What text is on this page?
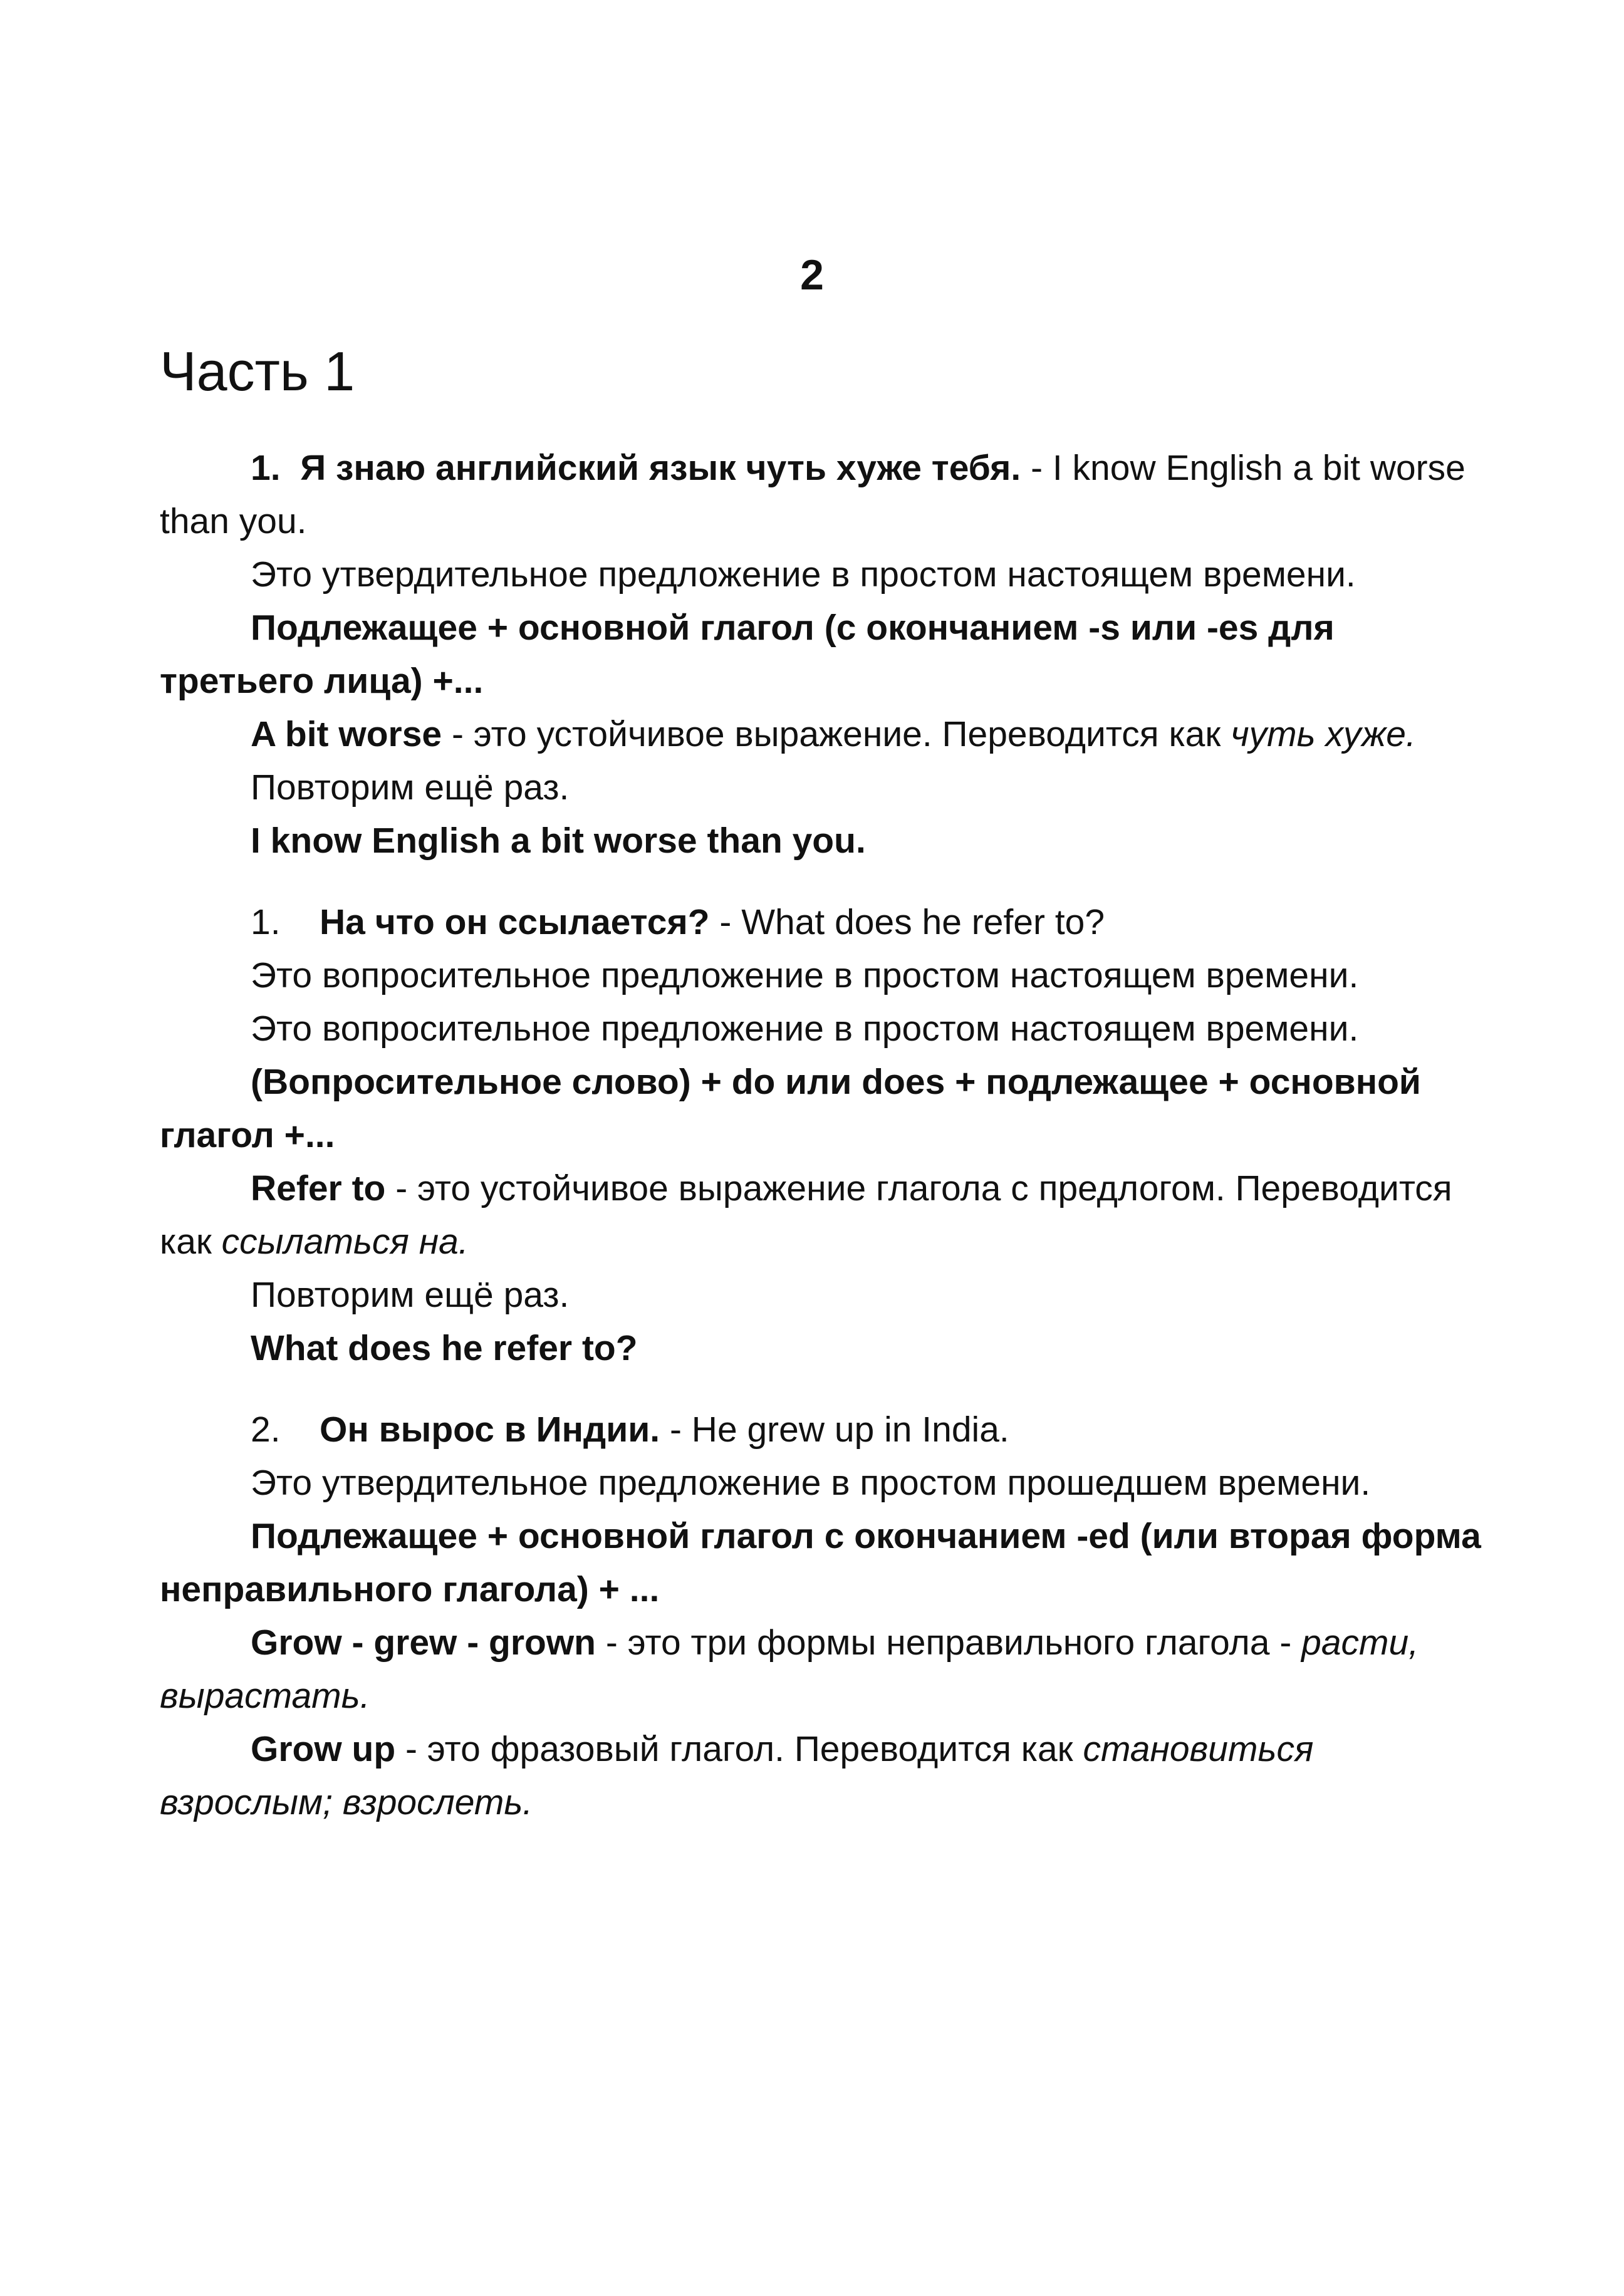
2
Часть 1

1. Я знаю английский язык чуть хуже тебя. - I know English a bit worse than you.

Это утвердительное предложение в простом настоящем времени.

Подлежащее + основной глагол (с окончанием -s или -es для третьего лица) +...

A bit worse - это устойчивое выражение. Переводится как чуть хуже.

Повторим ещё раз.

I know English a bit worse than you.

1. На что он ссылается? - What does he refer to?

Это вопросительное предложение в простом настоящем времени.

Это вопросительное предложение в простом настоящем времени.

(Вопросительное слово) + do или does + подлежащее + основной глагол +...

Refer to - это устойчивое выражение глагола с предлогом. Переводится как ссылаться на.

Повторим ещё раз.

What does he refer to?

2. Он вырос в Индии. - He grew up in India.

Это утвердительное предложение в простом прошедшем времени.

Подлежащее + основной глагол с окончанием -ed (или вторая форма неправильного глагола) + ...

Grow - grew - grown - это три формы неправильного глагола - расти, вырастать.

Grow up - это фразовый глагол. Переводится как становиться взрослым; взрослеть.
